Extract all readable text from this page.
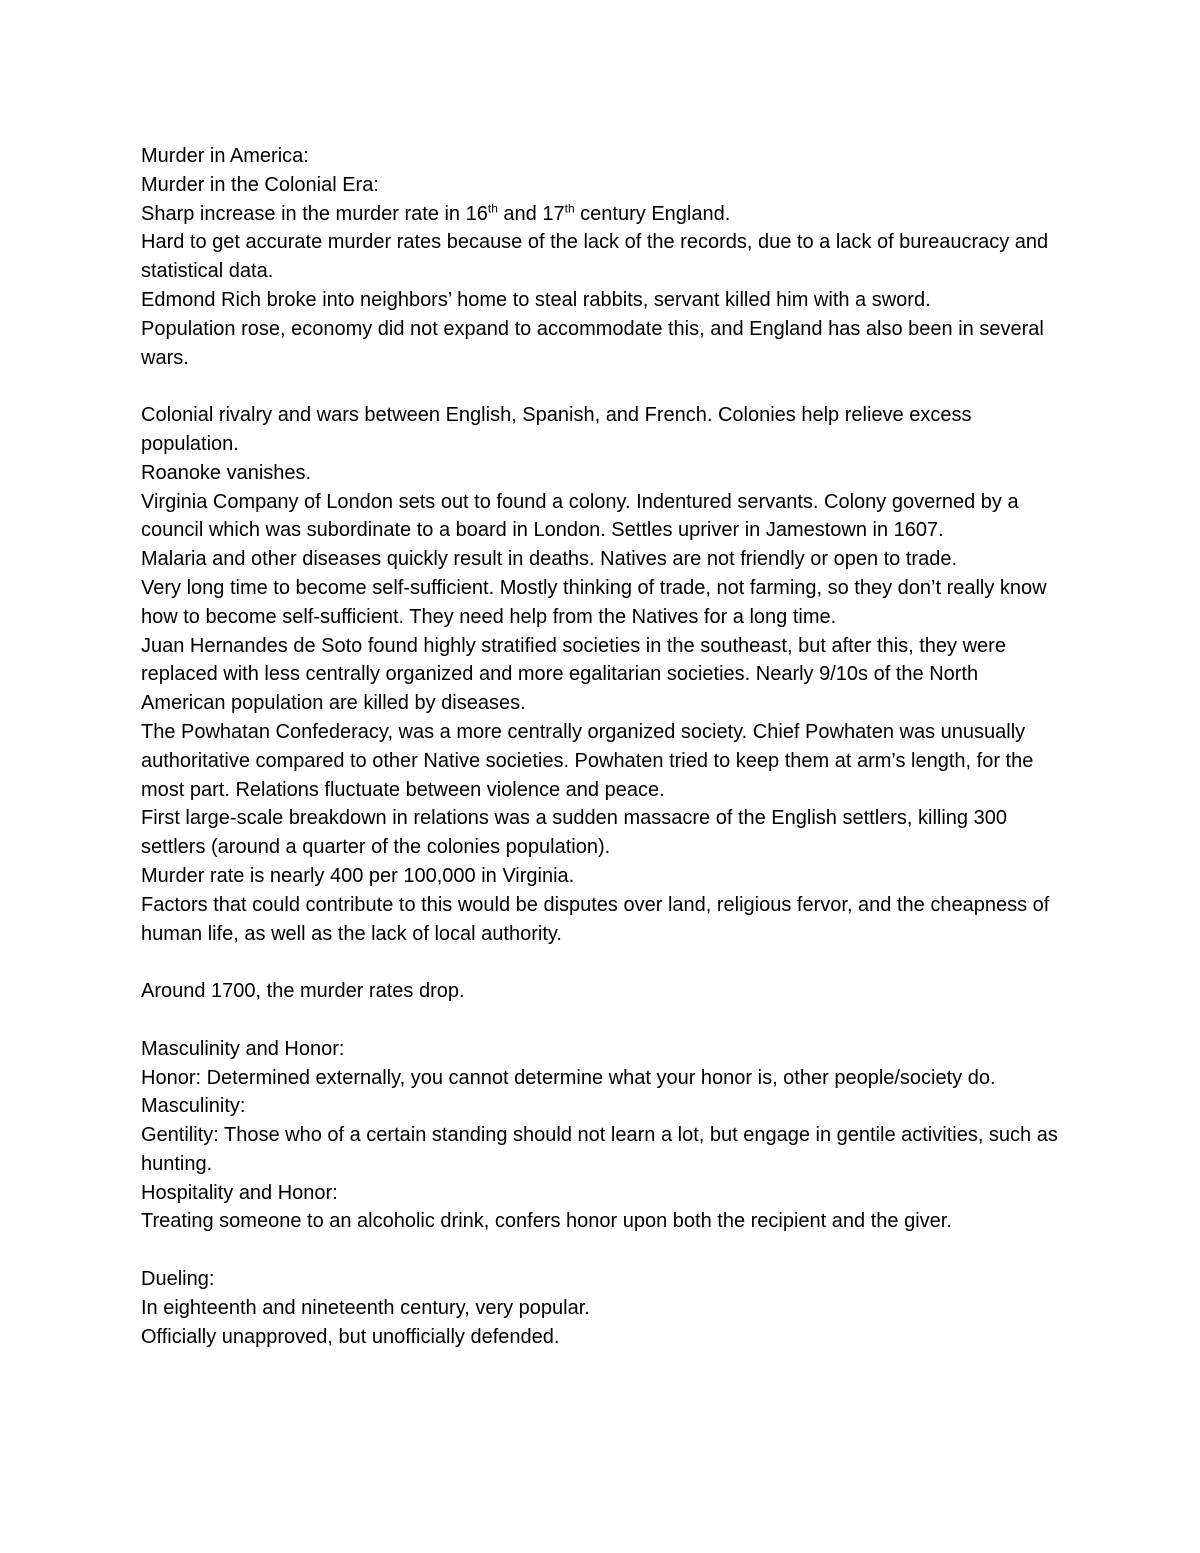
Murder in America:

Murder in the Colonial Era:

Sharp increase in the murder rate in 16th and 17th century England.

Hard to get accurate murder rates because of the lack of the records, due to a lack of bureaucracy and statistical data.

Edmond Rich broke into neighbors’ home to steal rabbits, servant killed him with a sword.

Population rose, economy did not expand to accommodate this, and England has also been in several wars.

Colonial rivalry and wars between English, Spanish, and French. Colonies help relieve excess population.

Roanoke vanishes.

Virginia Company of London sets out to found a colony. Indentured servants. Colony governed by a council which was subordinate to a board in London. Settles upriver in Jamestown in 1607.

Malaria and other diseases quickly result in deaths. Natives are not friendly or open to trade.

Very long time to become self-sufficient. Mostly thinking of trade, not farming, so they don’t really know how to become self-sufficient. They need help from the Natives for a long time.

Juan Hernandes de Soto found highly stratified societies in the southeast, but after this, they were replaced with less centrally organized and more egalitarian societies. Nearly 9/10s of the North American population are killed by diseases.

The Powhatan Confederacy, was a more centrally organized society. Chief Powhaten was unusually authoritative compared to other Native societies. Powhaten tried to keep them at arm’s length, for the most part. Relations fluctuate between violence and peace.

First large-scale breakdown in relations was a sudden massacre of the English settlers, killing 300 settlers (around a quarter of the colonies population).

Murder rate is nearly 400 per 100,000 in Virginia.

Factors that could contribute to this would be disputes over land, religious fervor, and the cheapness of human life, as well as the lack of local authority.

Around 1700, the murder rates drop.

Masculinity and Honor:

Honor: Determined externally, you cannot determine what your honor is, other people/society do.

Masculinity:

Gentility: Those who of a certain standing should not learn a lot, but engage in gentile activities, such as hunting.

Hospitality and Honor:

Treating someone to an alcoholic drink, confers honor upon both the recipient and the giver.

Dueling:

In eighteenth and nineteenth century, very popular.

Officially unapproved, but unofficially defended.
